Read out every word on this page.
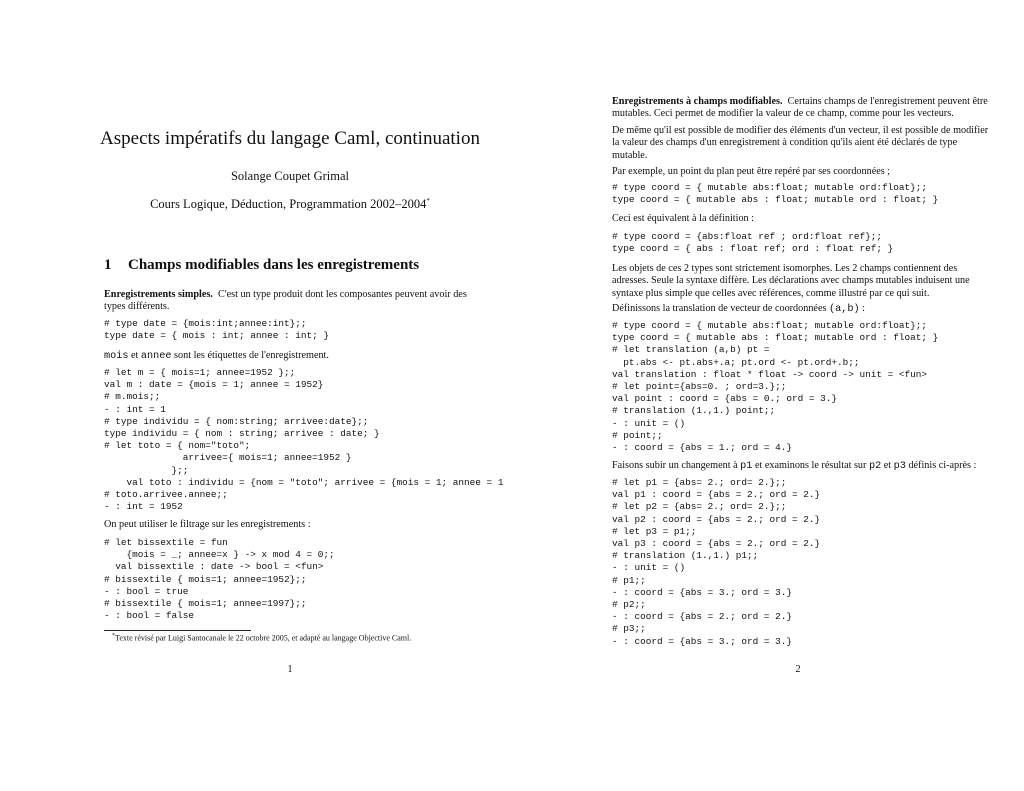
Aspects impératifs du langage Caml, continuation
Solange Coupet Grimal
Cours Logique, Déduction, Programmation 2002–2004*
1 Champs modifiables dans les enregistrements
Enregistrements simples. C'est un type produit dont les composantes peuvent avoir des types différents.
# type date = {mois:int;annee:int};;
type date = { mois : int; annee : int; }
mois et annee sont les étiquettes de l'enregistrement.
# let m = { mois=1; annee=1952 };;
val m : date = {mois = 1; annee = 1952}
# m.mois;;
- : int = 1
# type individu = { nom:string; arrivee:date};;
type individu = { nom : string; arrivee : date; }
# let toto = { nom="toto";
arrivee={ mois=1; annee=1952 }
};;
val toto : individu = {nom = "toto"; arrivee = {mois = 1; annee = 1
# toto.arrivee.annee;;
- : int = 1952
On peut utiliser le filtrage sur les enregistrements :
# let bissextile = fun
{mois = _; annee=x } -> x mod 4 = 0;;
val bissextile : date -> bool = <fun>
# bissextile { mois=1; annee=1952};;
- : bool = true
# bissextile { mois=1; annee=1997};;
- : bool = false
*Texte révisé par Luigi Santocanale le 22 octobre 2005, et adapté au langage Objective Caml.
1
Enregistrements à champs modifiables. Certains champs de l'enregistrement peuvent être mutables. Ceci permet de modifier la valeur de ce champ, comme pour les vecteurs.
De même qu'il est possible de modifier des éléments d'un vecteur, il est possible de modifier la valeur des champs d'un enregistrement à condition qu'ils aient été déclarés de type mutable.
Par exemple, un point du plan peut être repéré par ses coordonnées ;
# type coord = { mutable abs:float; mutable ord:float};;
type coord = { mutable abs : float; mutable ord : float; }
Ceci est équivalent à la définition :
# type coord = {abs:float ref ; ord:float ref};;
type coord = { abs : float ref; ord : float ref; }
Les objets de ces 2 types sont strictement isomorphes. Les 2 champs contiennent des adresses. Seule la syntaxe diffère. Les déclarations avec champs mutables induisent une syntaxe plus simple que celles avec références, comme illustré par ce qui suit.
Définissons la translation de vecteur de coordonnées (a,b) :
# type coord = { mutable abs:float; mutable ord:float};;
type coord = { mutable abs : float; mutable ord : float; }
# let translation (a,b) pt =
pt.abs <- pt.abs+.a; pt.ord <- pt.ord+.b;;
val translation : float * float -> coord -> unit = <fun>
# let point={abs=0. ; ord=3.};;
val point : coord = {abs = 0.; ord = 3.}
# translation (1.,1.) point;;
- : unit = ()
# point;;
- : coord = {abs = 1.; ord = 4.}
Faisons subir un changement à p1 et examinons le résultat sur p2 et p3 définis ci-après :
# let p1 = {abs= 2.; ord= 2.};;
val p1 : coord = {abs = 2.; ord = 2.}
# let p2 = {abs= 2.; ord= 2.};;
val p2 : coord = {abs = 2.; ord = 2.}
# let p3 = p1;;
val p3 : coord = {abs = 2.; ord = 2.}
# translation (1.,1.) p1;;
- : unit = ()
# p1;;
- : coord = {abs = 3.; ord = 3.}
# p2;;
- : coord = {abs = 2.; ord = 2.}
# p3;;
- : coord = {abs = 3.; ord = 3.}
2
